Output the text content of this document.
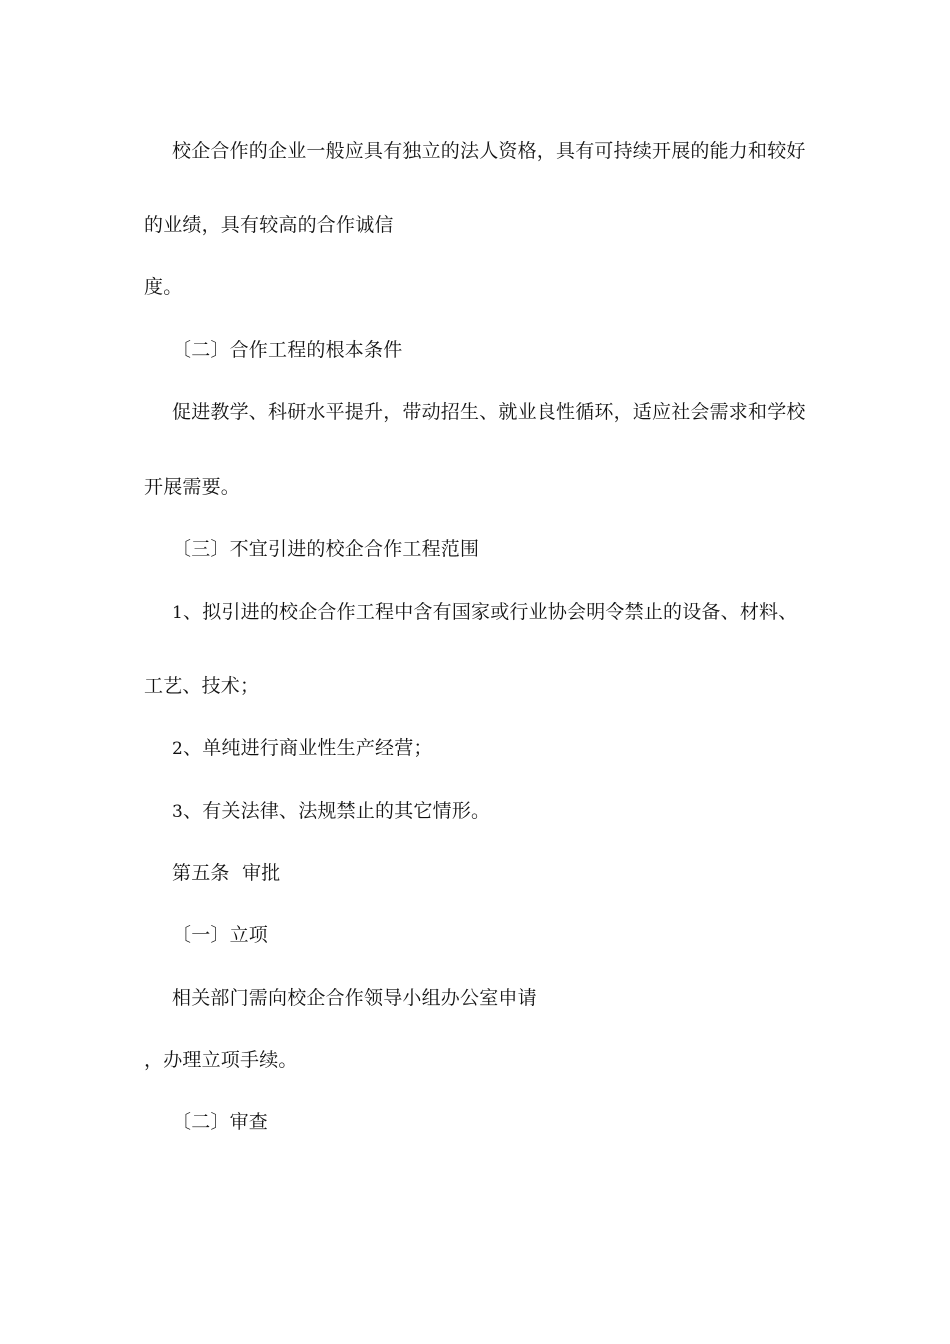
校企合作的企业一般应具有独立的法人资格，具有可持续开展的能力和较好
的业绩，具有较高的合作诚信
度。
〔二〕合作工程的根本条件
促进教学、科研水平提升，带动招生、就业良性循环，适应社会需求和学校
开展需要。
〔三〕不宜引进的校企合作工程范围
1、拟引进的校企合作工程中含有国家或行业协会明令禁止的设备、材料、
工艺、技术；
2、单纯进行商业性生产经营；
3、有关法律、法规禁止的其它情形。
第五条  审批
〔一〕立项
相关部门需向校企合作领导小组办公室申请
，办理立项手续。
〔二〕审查
